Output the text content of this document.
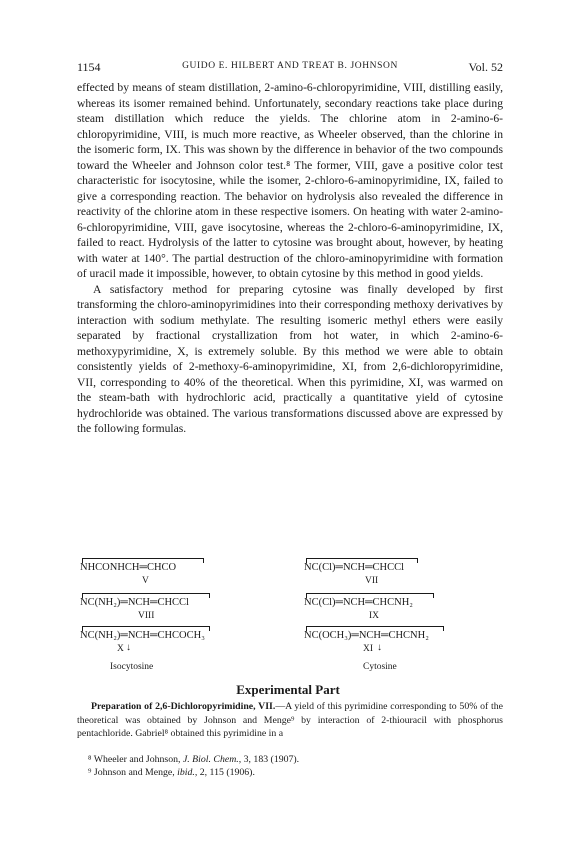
1154	GUIDO E. HILBERT AND TREAT B. JOHNSON	Vol. 52

effected by means of steam distillation, 2-amino-6-chloropyrimidine, VIII, distilling easily, whereas its isomer remained behind. Unfortunately, secondary reactions take place during steam distillation which reduce the yields. The chlorine atom in 2-amino-6-chloropyrimidine, VIII, is much more reactive, as Wheeler observed, than the chlorine in the isomeric form, IX. This was shown by the difference in behavior of the two compounds toward the Wheeler and Johnson color test.⁸ The former, VIII, gave a positive color test characteristic for isocytosine, while the isomer, 2-chloro-6-aminopyrimidine, IX, failed to give a corresponding reaction. The behavior on hydrolysis also revealed the difference in reactivity of the chlorine atom in these respective isomers. On heating with water 2-amino-6-chloropyrimidine, VIII, gave isocytosine, whereas the 2-chloro-6-aminopyrimidine, IX, failed to react. Hydrolysis of the latter to cytosine was brought about, however, by heating with water at 140°. The partial destruction of the chloro-aminopyrimidine with formation of uracil made it impossible, however, to obtain cytosine by this method in good yields.

A satisfactory method for preparing cytosine was finally developed by first transforming the chloro-aminopyrimidines into their corresponding methoxy derivatives by interaction with sodium methylate. The resulting isomeric methyl ethers were easily separated by fractional crystallization from hot water, in which 2-amino-6-methoxypyrimidine, X, is extremely soluble. By this method we were able to obtain consistently yields of 2-methoxy-6-aminopyrimidine, XI, from 2,6-dichloropyrimidine, VII, corresponding to 40% of the theoretical. When this pyrimidine, XI, was warmed on the steam-bath with hydrochloric acid, practically a quantitative yield of cytosine hydrochloride was obtained. The various transformations discussed above are expressed by the following formulas.

NHCONHCH═CHCO
V
NC(Cl)═NCH═CHCCl
VII
NC(NH₂)═NCH═CHCCl
VIII
NC(Cl)═NCH═CHCNH₂
IX
NC(NH₂)═NCH═CHCOCH₃
X ↓
Isocytosine
NC(OCH₃)═NCH═CHCNH₂
XI ↓
Cytosine
Experimental Part
Preparation of 2,6-Dichloropyrimidine, VII.—A yield of this pyrimidine corresponding to 50% of the theoretical was obtained by Johnson and Menge⁹ by interaction of 2-thiouracil with phosphorus pentachloride. Gabriel⁸ obtained this pyrimidine in a
⁸ Wheeler and Johnson, J. Biol. Chem., 3, 183 (1907).
⁹ Johnson and Menge, ibid., 2, 115 (1906).
